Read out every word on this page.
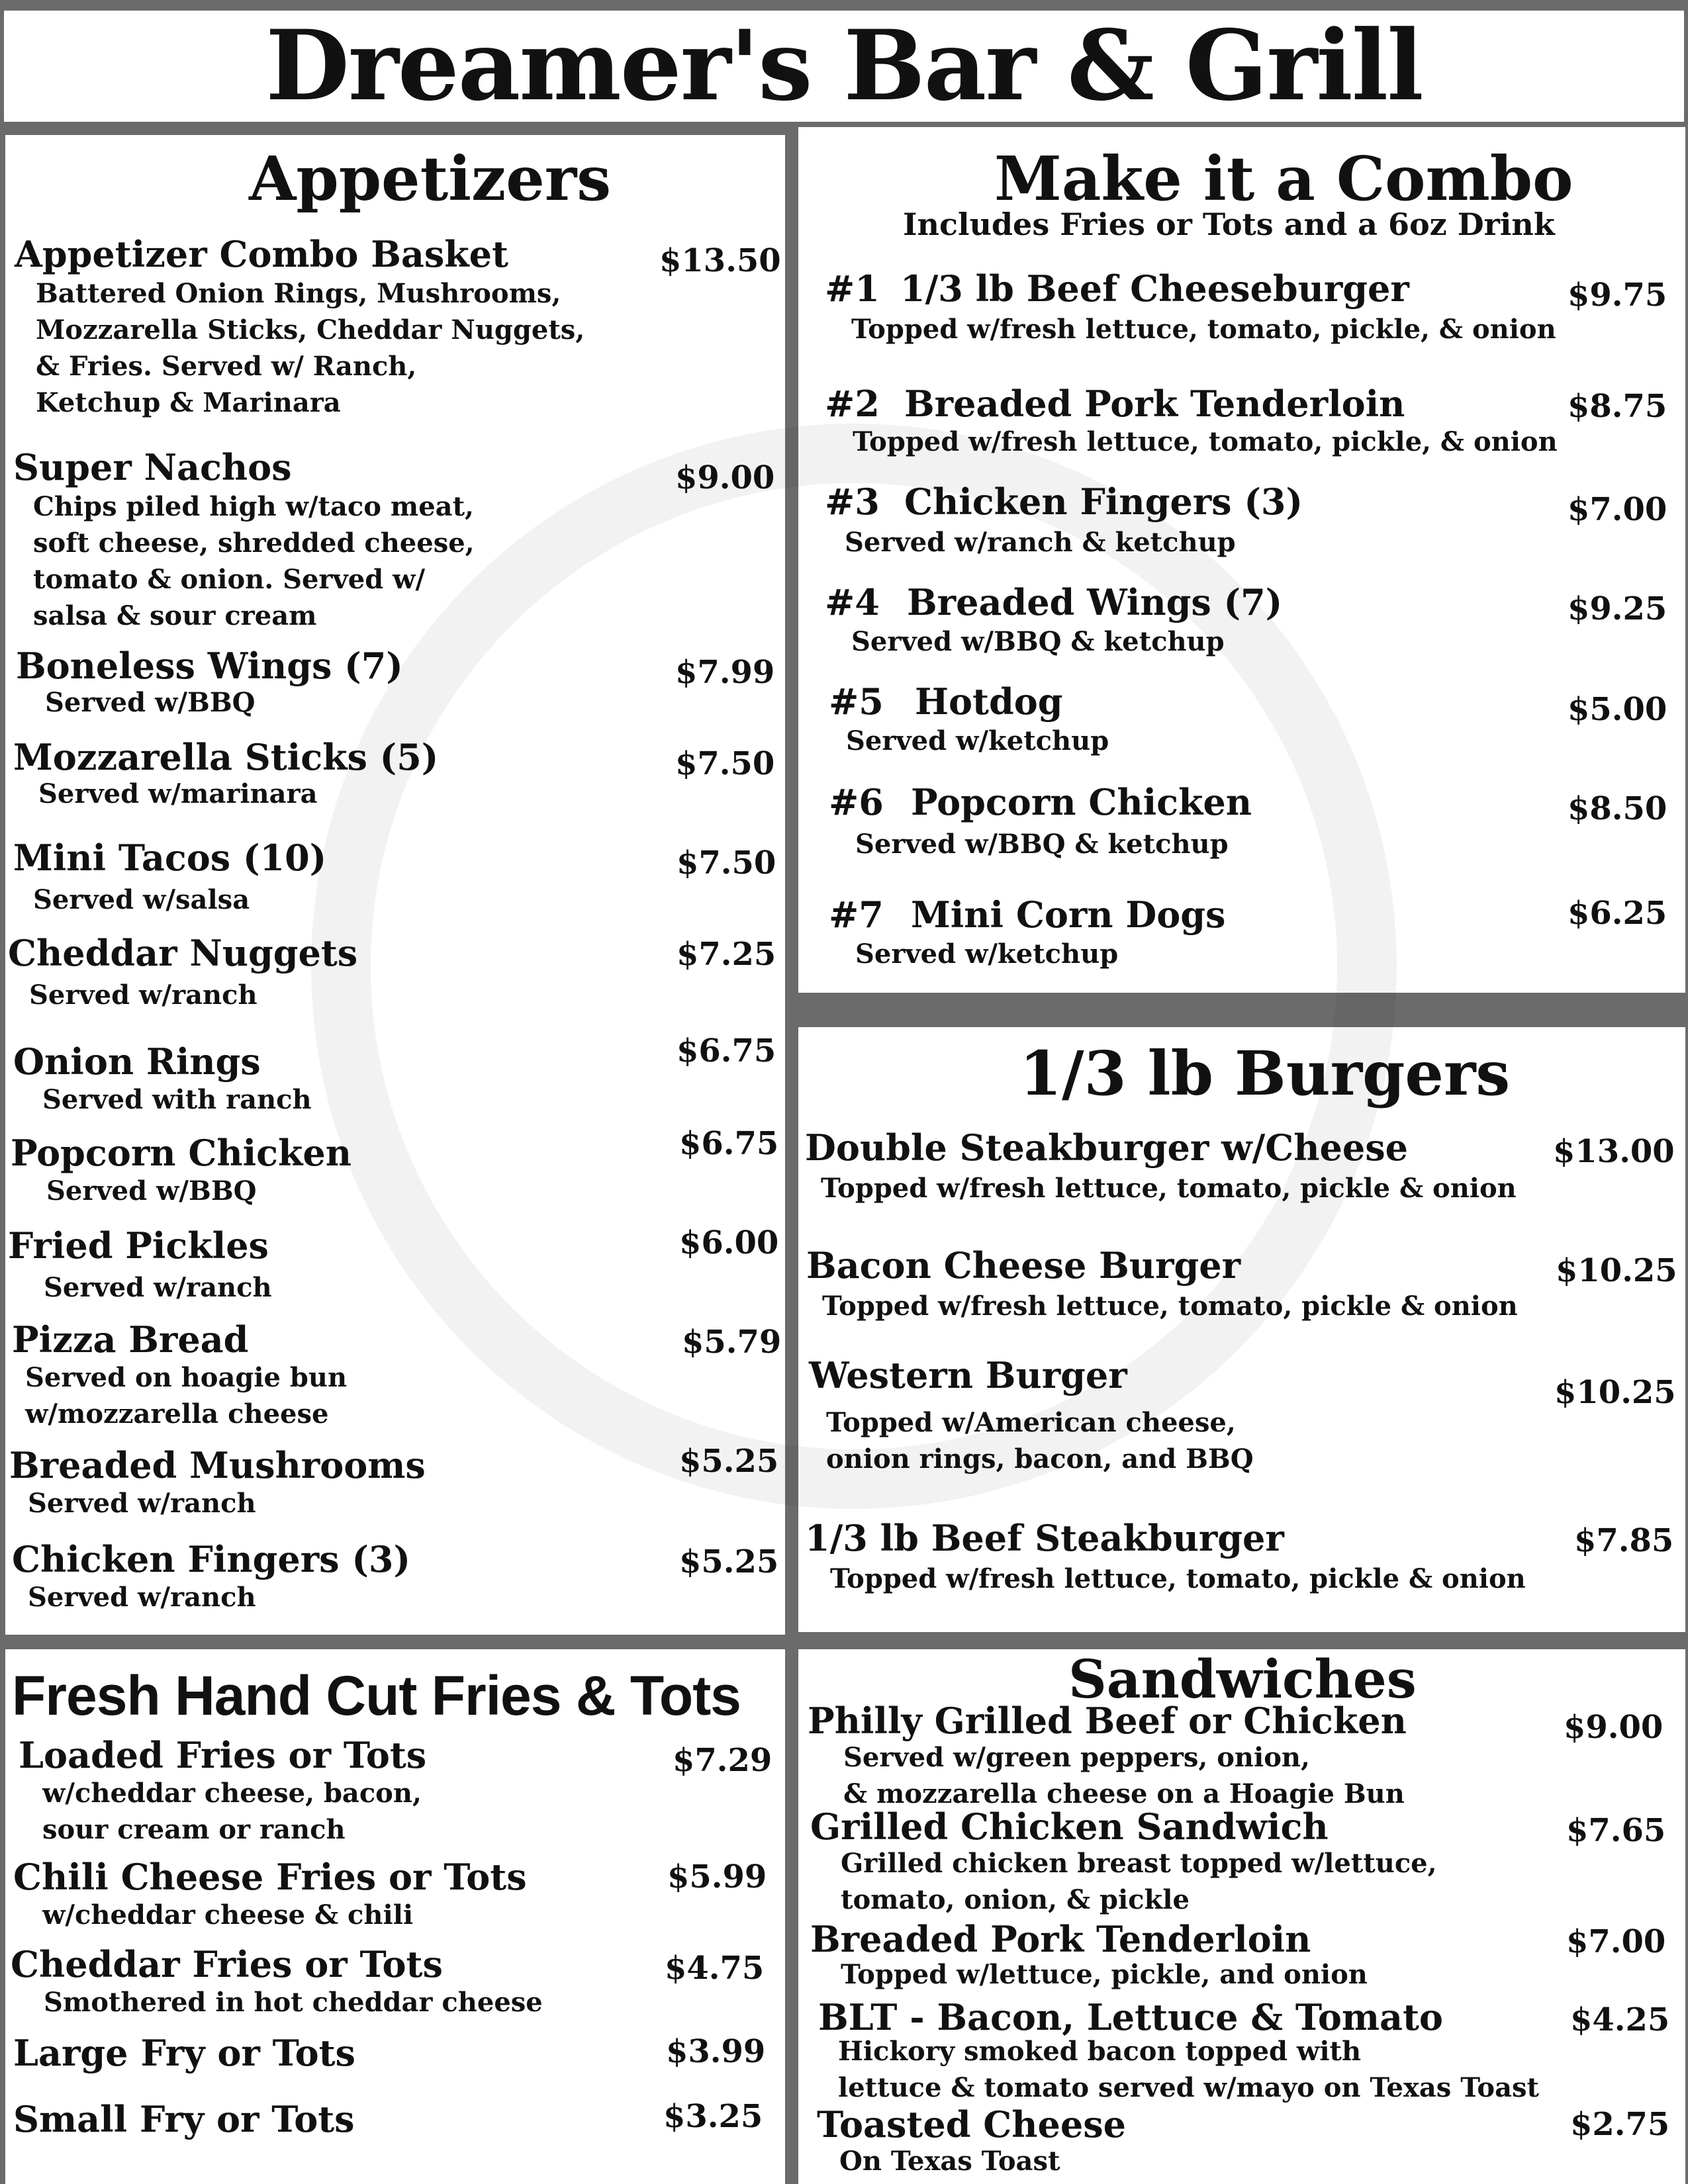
Dreamer's Bar & Grill
Appetizers
Appetizer Combo Basket
Battered Onion Rings, Mushrooms,
Mozzarella Sticks, Cheddar Nuggets,
& Fries. Served w/ Ranch,
Ketchup & Marinara
$13.50
Super Nachos
Chips piled high w/taco meat,
soft cheese, shredded cheese,
tomato & onion. Served w/
salsa & sour cream
$9.00
Boneless Wings (7)
Served w/BBQ
$7.99
Mozzarella Sticks (5)
Served w/marinara
$7.50
Mini Tacos (10)
Served w/salsa
$7.50
Cheddar Nuggets
Served w/ranch
$7.25
Onion Rings
Served with ranch
$6.75
Popcorn Chicken
Served w/BBQ
$6.75
Fried Pickles
Served w/ranch
$6.00
Pizza Bread
Served on hoagie bun
w/mozzarella cheese
$5.79
Breaded Mushrooms
Served w/ranch
$5.25
Chicken Fingers (3)
Served w/ranch
$5.25
Make it a Combo
Includes Fries or Tots and a 6oz Drink
#1 1/3 lb Beef Cheeseburger
Topped w/fresh lettuce, tomato, pickle, & onion
$9.75
#2 Breaded Pork Tenderloin
Topped w/fresh lettuce, tomato, pickle, & onion
$8.75
#3 Chicken Fingers (3)
Served w/ranch & ketchup
$7.00
#4 Breaded Wings (7)
Served w/BBQ & ketchup
$9.25
#5 Hotdog
Served w/ketchup
$5.00
#6 Popcorn Chicken
Served w/BBQ & ketchup
$8.50
#7 Mini Corn Dogs
Served w/ketchup
$6.25
1/3 lb Burgers
Double Steakburger w/Cheese
Topped w/fresh lettuce, tomato, pickle & onion
$13.00
Bacon Cheese Burger
Topped w/fresh lettuce, tomato, pickle & onion
$10.25
Western Burger
Topped w/American cheese,
onion rings, bacon, and BBQ
$10.25
1/3 lb Beef Steakburger
Topped w/fresh lettuce, tomato, pickle & onion
$7.85
Fresh Hand Cut Fries & Tots
Loaded Fries or Tots
w/cheddar cheese, bacon,
sour cream or ranch
$7.29
Chili Cheese Fries or Tots
w/cheddar cheese & chili
$5.99
Cheddar Fries or Tots
Smothered in hot cheddar cheese
$4.75
Large Fry or Tots	$3.99
Small Fry or Tots	$3.25
Sandwiches
Philly Grilled Beef or Chicken
Served w/green peppers, onion,
& mozzarella cheese on a Hoagie Bun
$9.00
Grilled Chicken Sandwich
Grilled chicken breast topped w/lettuce,
tomato, onion, & pickle
$7.65
Breaded Pork Tenderloin
Topped w/lettuce, pickle, and onion
$7.00
BLT - Bacon, Lettuce & Tomato
Hickory smoked bacon topped with
lettuce & tomato served w/mayo on Texas Toast
$4.25
Toasted Cheese
On Texas Toast
$2.75
